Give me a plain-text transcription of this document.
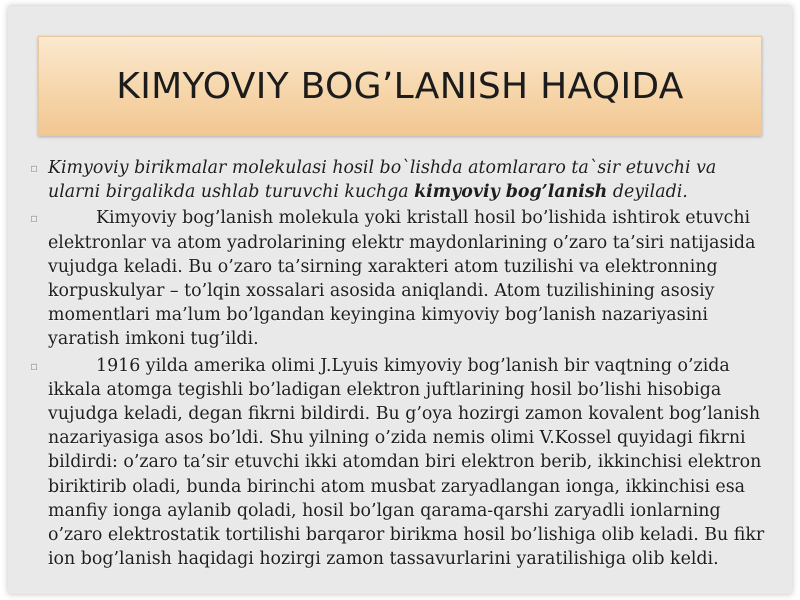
KIMYOVIY BOG’LANISH HAQIDA

▫ Kimyoviy birikmalar molekulasi hosil bo`lishda atomlararo ta`sir etuvchi va ularni birgalikda ushlab turuvchi kuchga kimyoviy bog’lanish deyiladi.

▫	Kimyoviy bog’lanish molekula yoki kristall hosil bo’lishida ishtirok etuvchi elektronlar va atom yadrolarining elektr maydonlarining o’zaro ta’siri natijasida vujudga keladi. Bu o’zaro ta’sirning xarakteri atom tuzilishi va elektronning korpuskulyar – to’lqin xossalari asosida aniqlandi. Atom tuzilishining asosiy momentlari ma’lum bo’lgandan keyingina kimyoviy bog’lanish nazariyasini yaratish imkoni tug’ildi.

▫	1916 yilda amerika olimi J.Lyuis kimyoviy bog’lanish bir vaqtning o’zida ikkala atomga tegishli bo’ladigan elektron juftlarining hosil bo’lishi hisobiga vujudga keladi, degan fikrni bildirdi. Bu g’oya hozirgi zamon kovalent bog’lanish nazariyasiga asos bo’ldi. Shu yilning o’zida nemis olimi V.Kossel quyidagi fikrni bildirdi: o’zaro ta’sir etuvchi ikki atomdan biri elektron berib, ikkinchisi elektron biriktirib oladi, bunda birinchi atom musbat zaryadlangan ionga, ikkinchisi esa manfiy ionga aylanib qoladi, hosil bo’lgan qarama-qarshi zaryadli ionlarning o’zaro elektrostatik tortilishi barqaror birikma hosil bo’lishiga olib keladi. Bu fikr ion bog’lanish haqidagi hozirgi zamon tassavurlarini yaratilishiga olib keldi.
